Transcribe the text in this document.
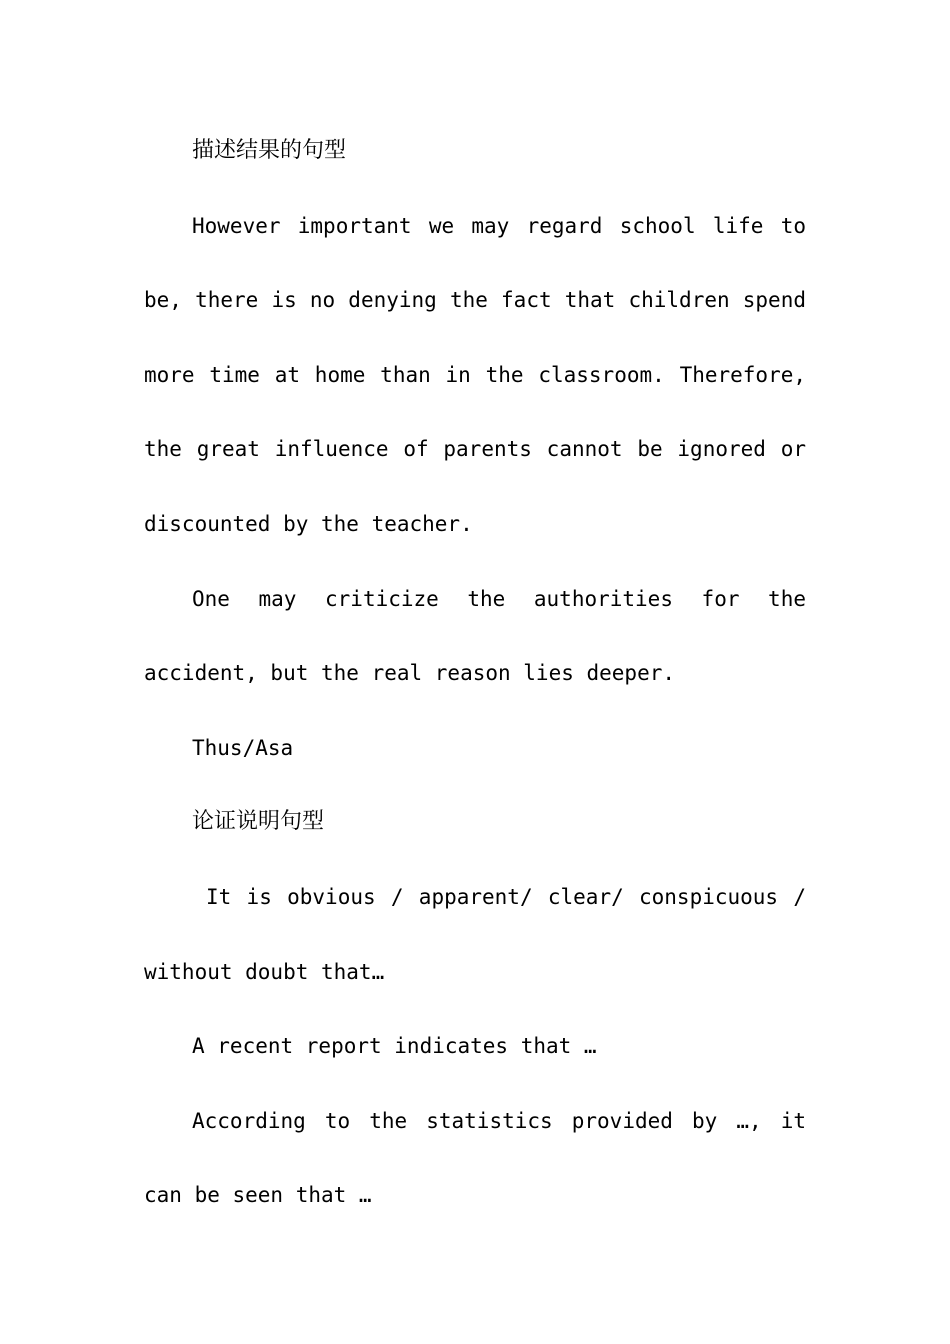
描述结果的句型

However important we may regard school life to be, there is no denying the fact that children spend more time at home than in the classroom. Therefore, the great influence of parents cannot be ignored or discounted by the teacher.

One may criticize the authorities for the accident, but the real reason lies deeper.

Thus/Asa

论证说明句型

It is obvious / apparent/ clear/ conspicuous / without doubt that…

A recent report indicates that …

According to the statistics provided by …, it can be seen that …
